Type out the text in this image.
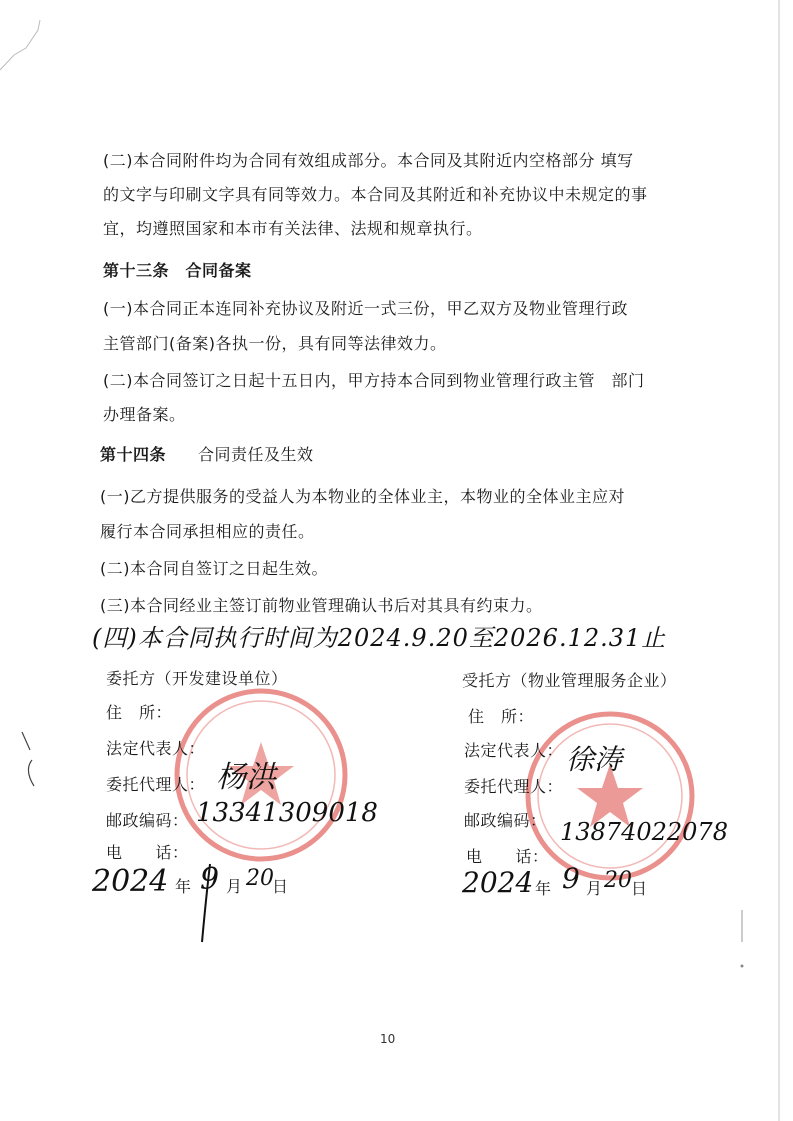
(二)本合同附件均为合同有效组成部分。本合同及其附近内空格部分 填写
的文字与印刷文字具有同等效力。本合同及其附近和补充协议中未规定的事
宜，均遵照国家和本市有关法律、法规和规章执行。
第十三条　合同备案
(一)本合同正本连同补充协议及附近一式三份，甲乙双方及物业管理行政
主管部门(备案)各执一份，具有同等法律效力。
(二)本合同签订之日起十五日内，甲方持本合同到物业管理行政主管　部门
办理备案。
第十四条 合同责任及生效
(一)乙方提供服务的受益人为本物业的全体业主，本物业的全体业主应对
履行本合同承担相应的责任。
(二)本合同自签订之日起生效。
(三)本合同经业主签订前物业管理确认书后对其具有约束力。
(四)本合同执行时间为2024.9.20至2026.12.31止
委托方（开发建设单位）
住　所：
法定代表人：
委托代理人： 杨洪
邮政编码： 13341309018
电　　话：
2024 年 9 月 20
日
受托方（物业管理服务企业）
住　所：
法定代表人： 徐涛
委托代理人：
邮政编码： 13874022078
电　　话：
2024 年 9 月 20 日
10
